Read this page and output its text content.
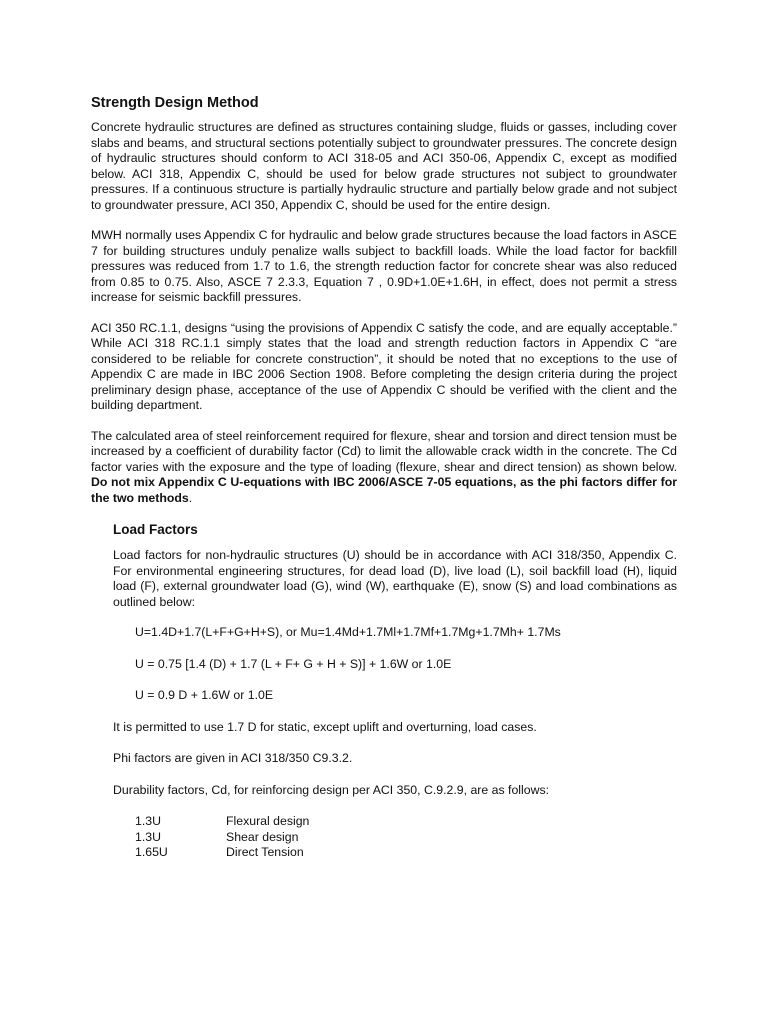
Strength Design Method

Concrete hydraulic structures are defined as structures containing sludge, fluids or gasses, including cover slabs and beams, and structural sections potentially subject to groundwater pressures. The concrete design of hydraulic structures should conform to ACI 318-05 and ACI 350-06, Appendix C, except as modified below. ACI 318, Appendix C, should be used for below grade structures not subject to groundwater pressures. If a continuous structure is partially hydraulic structure and partially below grade and not subject to groundwater pressure, ACI 350, Appendix C, should be used for the entire design.

MWH normally uses Appendix C for hydraulic and below grade structures because the load factors in ASCE 7 for building structures unduly penalize walls subject to backfill loads. While the load factor for backfill pressures was reduced from 1.7 to 1.6, the strength reduction factor for concrete shear was also reduced from 0.85 to 0.75. Also, ASCE 7 2.3.3, Equation 7 , 0.9D+1.0E+1.6H, in effect, does not permit a stress increase for seismic backfill pressures.

ACI 350 RC.1.1, designs “using the provisions of Appendix C satisfy the code, and are equally acceptable.” While ACI 318 RC.1.1 simply states that the load and strength reduction factors in Appendix C “are considered to be reliable for concrete construction”, it should be noted that no exceptions to the use of Appendix C are made in IBC 2006 Section 1908. Before completing the design criteria during the project preliminary design phase, acceptance of the use of Appendix C should be verified with the client and the building department.

The calculated area of steel reinforcement required for flexure, shear and torsion and direct tension must be increased by a coefficient of durability factor (Cd) to limit the allowable crack width in the concrete. The Cd factor varies with the exposure and the type of loading (flexure, shear and direct tension) as shown below. Do not mix Appendix C U-equations with IBC 2006/ASCE 7-05 equations, as the phi factors differ for the two methods.

Load Factors

Load factors for non-hydraulic structures (U) should be in accordance with ACI 318/350, Appendix C. For environmental engineering structures, for dead load (D), live load (L), soil backfill load (H), liquid load (F), external groundwater load (G), wind (W), earthquake (E), snow (S) and load combinations as outlined below:

U=1.4D+1.7(L+F+G+H+S), or Mu=1.4Md+1.7Ml+1.7Mf+1.7Mg+1.7Mh+ 1.7Ms
U = 0.75 [1.4 (D) + 1.7 (L + F+ G + H + S)] + 1.6W or 1.0E
U = 0.9 D + 1.6W or 1.0E
It is permitted to use 1.7 D for static, except uplift and overturning, load cases.
Phi factors are given in ACI 318/350 C9.3.2.
Durability factors, Cd, for reinforcing design per ACI 350, C.9.2.9, are as follows:
1.3U	Flexural design
1.3U	Shear design
1.65U	Direct Tension
